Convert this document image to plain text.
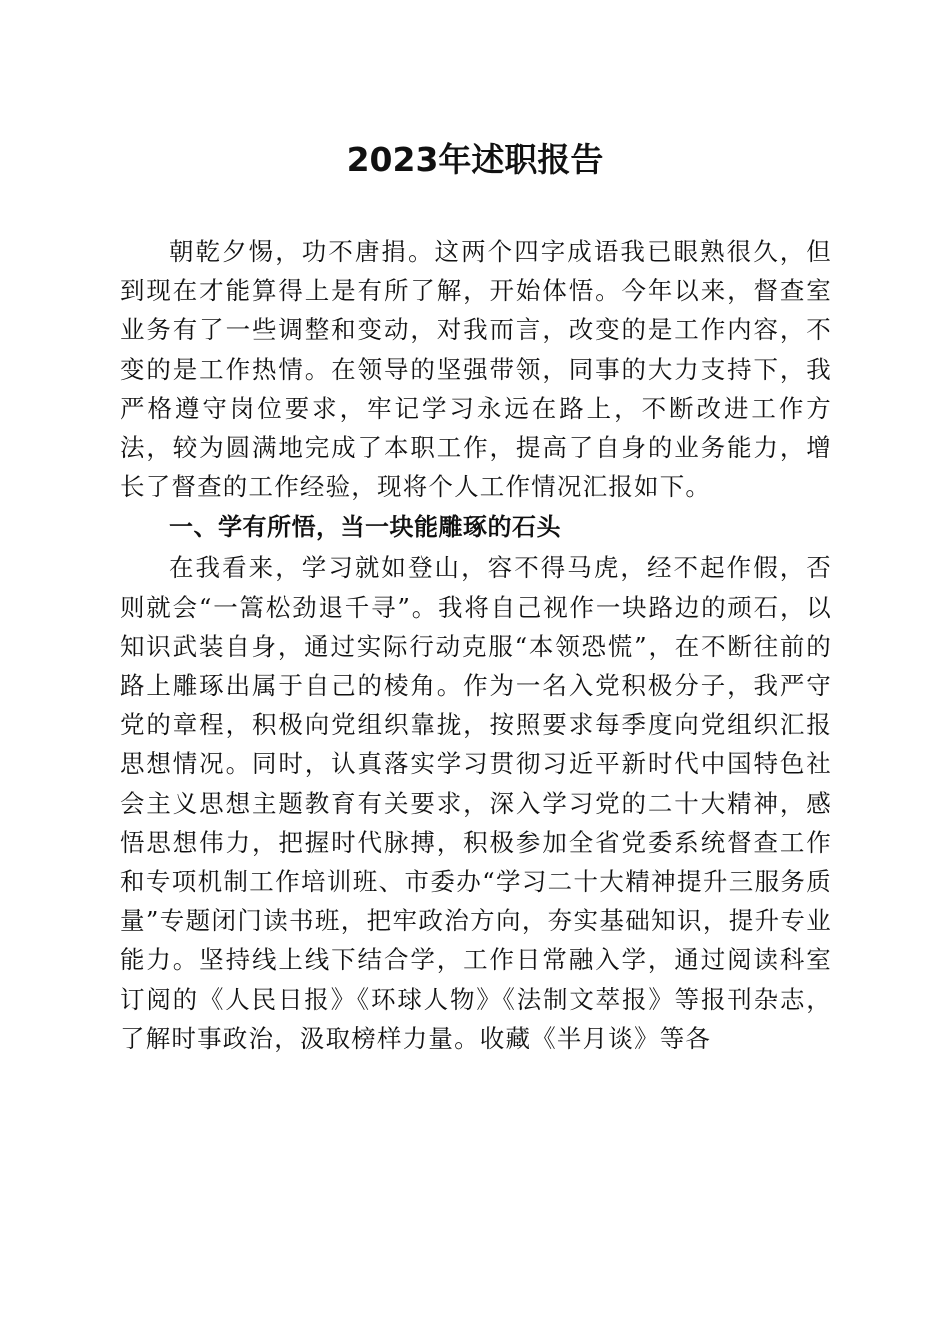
2023年述职报告

朝乾夕惕，功不唐捐。这两个四字成语我已眼熟很久，但到现在才能算得上是有所了解，开始体悟。今年以来，督查室业务有了一些调整和变动，对我而言，改变的是工作内容，不变的是工作热情。在领导的坚强带领，同事的大力支持下，我严格遵守岗位要求，牢记学习永远在路上，不断改进工作方法，较为圆满地完成了本职工作，提高了自身的业务能力，增长了督查的工作经验，现将个人工作情况汇报如下。

一、学有所悟，当一块能雕琢的石头

在我看来，学习就如登山，容不得马虎，经不起作假，否则就会“一篙松劲退千寻”。我将自己视作一块路边的顽石，以知识武装自身，通过实际行动克服“本领恐慌”，在不断往前的路上雕琢出属于自己的棱角。作为一名入党积极分子，我严守党的章程，积极向党组织靠拢，按照要求每季度向党组织汇报思想情况。同时，认真落实学习贯彻习近平新时代中国特色社会主义思想主题教育有关要求，深入学习党的二十大精神，感悟思想伟力，把握时代脉搏，积极参加全省党委系统督查工作和专项机制工作培训班、市委办“学习二十大精神提升三服务质量”专题闭门读书班，把牢政治方向，夯实基础知识，提升专业能力。坚持线上线下结合学，工作日常融入学，通过阅读科室订阅的《人民日报》《环球人物》《法制文萃报》等报刊杂志，了解时事政治，汲取榜样力量。收藏《半月谈》等各
